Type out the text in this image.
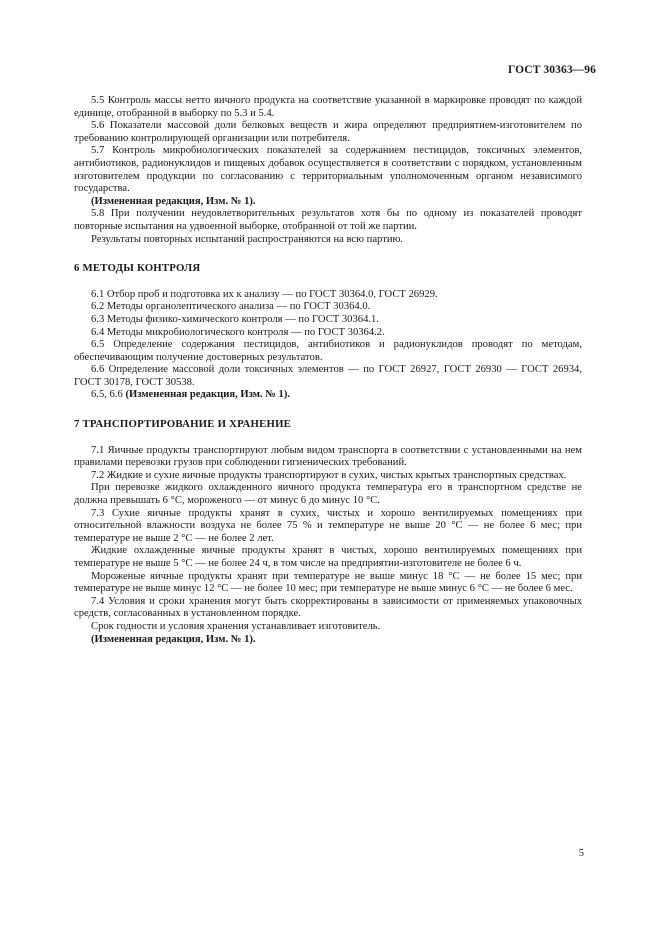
ГОСТ 30363—96

5.5 Контроль массы нетто яичного продукта на соответствие указанной в маркировке проводят по каждой единице, отобранной в выборку по 5.3 и 5.4.

5.6 Показатели массовой доли белковых веществ и жира определяют предприятием-изготовителем по требованию контролирующей организации или потребителя.

5.7 Контроль микробиологических показателей за содержанием пестицидов, токсичных элементов, антибиотиков, радионуклидов и пищевых добавок осуществляется в соответствии с порядком, установленным изготовителем продукции по согласованию с территориальным уполномоченным органом независимого государства.

(Измененная редакция, Изм. № 1).

5.8 При получении неудовлетворительных результатов хотя бы по одному из показателей проводят повторные испытания на удвоенной выборке, отобранной от той же партии.

Результаты повторных испытаний распространяются на всю партию.

6 МЕТОДЫ КОНТРОЛЯ

6.1 Отбор проб и подготовка их к анализу — по ГОСТ 30364.0, ГОСТ 26929.

6.2 Методы органолептического анализа — по ГОСТ 30364.0.

6.3 Методы физико-химического контроля — по ГОСТ 30364.1.

6.4 Методы микробиологического контроля — по ГОСТ 30364.2.

6.5 Определение содержания пестицидов, антибиотиков и радионуклидов проводят по методам, обеспечивающим получение достоверных результатов.

6.6 Определение массовой доли токсичных элементов — по ГОСТ 26927, ГОСТ 26930 — ГОСТ 26934, ГОСТ 30178, ГОСТ 30538.

6.5, 6.6 (Измененная редакция, Изм. № 1).

7 ТРАНСПОРТИРОВАНИЕ И ХРАНЕНИЕ

7.1 Яичные продукты транспортируют любым видом транспорта в соответствии с установленными на нем правилами перевозки грузов при соблюдении гигиенических требований.

7.2 Жидкие и сухие яичные продукты транспортируют в сухих, чистых крытых транспортных средствах.

При перевозке жидкого охлажденного яичного продукта температура его в транспортном средстве не должна превышать 6 °С, мороженого — от минус 6 до минус 10 °С.

7.3 Сухие яичные продукты хранят в сухих, чистых и хорошо вентилируемых помещениях при относительной влажности воздуха не более 75 % и температуре не выше 20 °С — не более 6 мес; при температуре не выше 2 °С — не более 2 лет.

Жидкие охлажденные яичные продукты хранят в чистых, хорошо вентилируемых помещениях при температуре не выше 5 °С — не более 24 ч, в том числе на предприятии-изготовителе не более 6 ч.

Мороженые яичные продукты хранят при температуре не выше минус 18 °С — не более 15 мес; при температуре не выше минус 12 °С — не более 10 мес; при температуре не выше минус 6 °С — не более 6 мес.

7.4 Условия и сроки хранения могут быть скорректированы в зависимости от применяемых упаковочных средств, согласованных в установленном порядке.

Срок годности и условия хранения устанавливает изготовитель.

(Измененная редакция, Изм. № 1).

5
